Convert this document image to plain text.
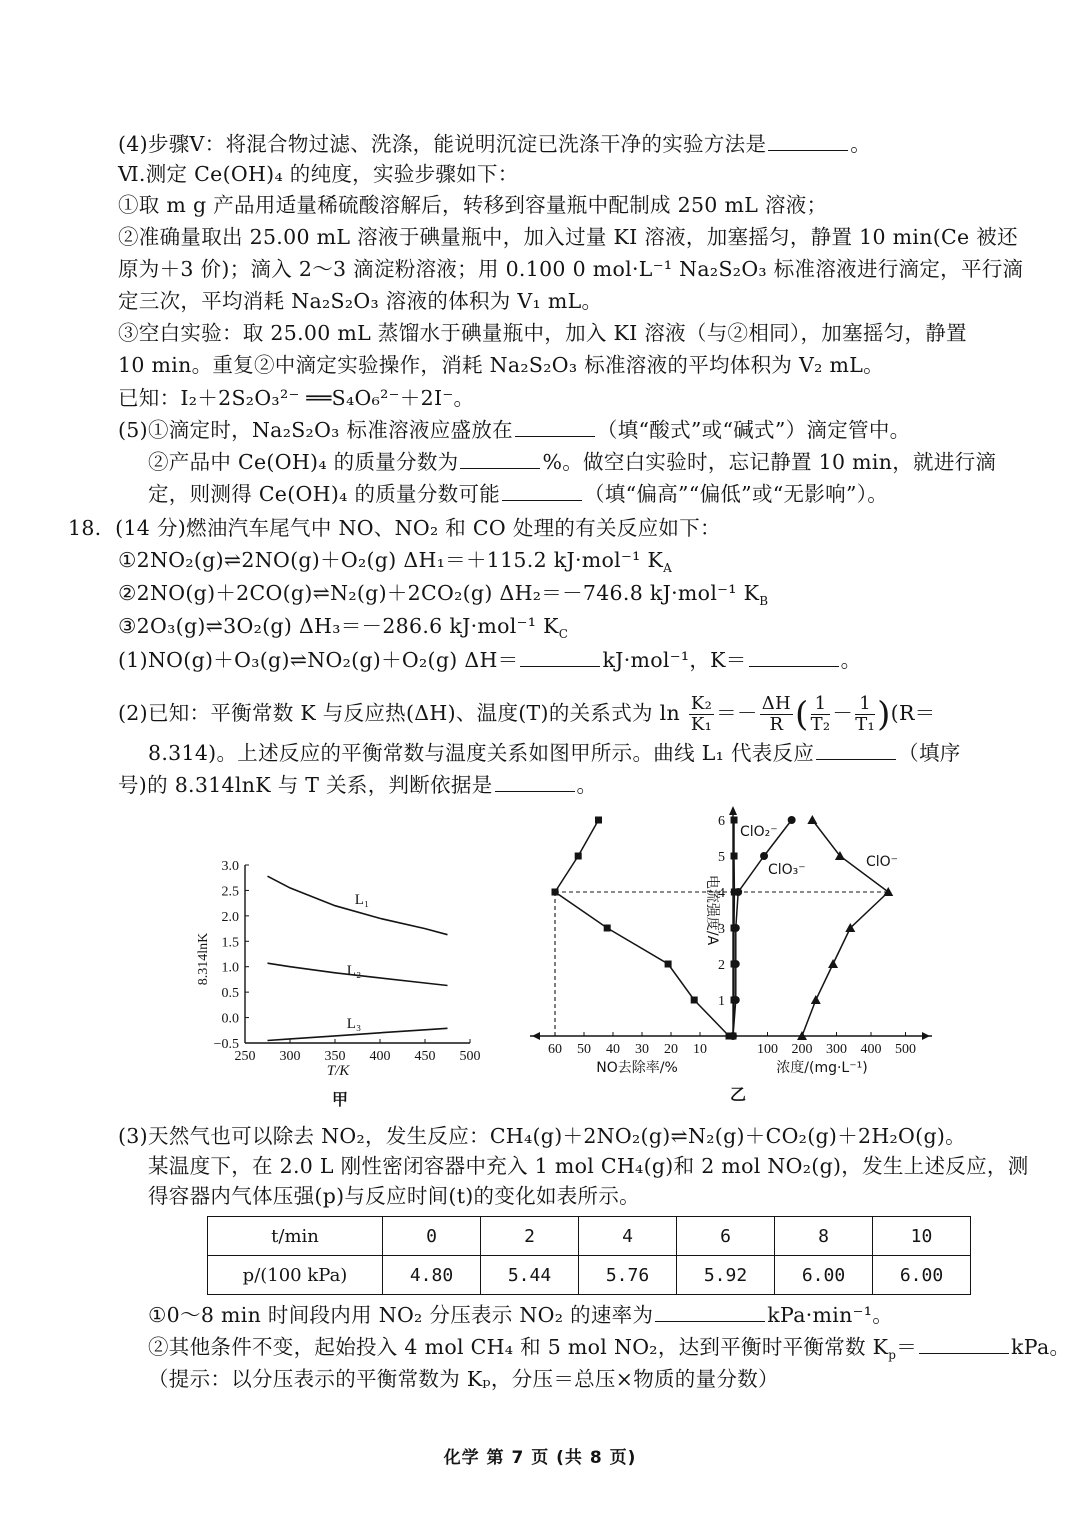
(4)步骤Ⅴ：将混合物过滤、洗涤，能说明沉淀已洗涤干净的实验方法是	。
Ⅵ.测定 Ce(OH)₄ 的纯度，实验步骤如下：
①取 m g 产品用适量稀硫酸溶解后，转移到容量瓶中配制成 250 mL 溶液；
②准确量取出 25.00 mL 溶液于碘量瓶中，加入过量 KI 溶液，加塞摇匀，静置 10 min(Ce 被还
原为＋3 价)；滴入 2～3 滴淀粉溶液；用 0.100 0 mol·L⁻¹ Na₂S₂O₃ 标准溶液进行滴定，平行滴
定三次，平均消耗 Na₂S₂O₃ 溶液的体积为 V₁ mL。
③空白实验：取 25.00 mL 蒸馏水于碘量瓶中，加入 KI 溶液（与②相同），加塞摇匀，静置
10 min。重复②中滴定实验操作，消耗 Na₂S₂O₃ 标准溶液的平均体积为 V₂ mL。
已知：I₂＋2S₂O₃²⁻ ══S₄O₆²⁻＋2I⁻。
(5)①滴定时，Na₂S₂O₃ 标准溶液应盛放在	（填“酸式”或“碱式”）滴定管中。
②产品中 Ce(OH)₄ 的质量分数为	%。做空白实验时，忘记静置 10 min，就进行滴
定，则测得 Ce(OH)₄ 的质量分数可能	（填“偏高”“偏低”或“无影响”）。
18. (14 分)燃油汽车尾气中 NO、NO₂ 和 CO 处理的有关反应如下：
①2NO₂(g)⇌2NO(g)＋O₂(g) ΔH₁＝＋115.2 kJ·mol⁻¹ $K_A$
②2NO(g)＋2CO(g)⇌N₂(g)＋2CO₂(g) ΔH₂＝－746.8 kJ·mol⁻¹ $K_B$
③2O₃(g)⇌3O₂(g) ΔH₃＝－286.6 kJ·mol⁻¹ $K_C$
(1)NO(g)＋O₃(g)⇌NO₂(g)＋O₂(g) ΔH＝	kJ·mol⁻¹，K＝	。
(2)已知：平衡常数 K 与反应热(ΔH)、温度(T)的关系式为 $\ln \frac{\text{K₂}}{\text{K₁}} =- \frac{\Delta H}{R}$ ( $\frac{1}{\text{T₂}} - \frac{1}{\text{T₁}} )(R=$
8.314)。上述反应的平衡常数与温度关系如图甲所示。曲线 L₁ 代表反应	（填序
号)的 8.314lnK 与 T 关系，判断依据是	。
250 300 350 400 450 500
−0.5
0.0
0.5
1.0
1.5
2.0
2.5
3.0
T/K
8.314lnK
甲
L₁
L₂
L₃
60 50 40 30 20 10	100 200 300 400 500
1
2
3
4
5
6
NO去除率/%	浓度/(mg·L⁻¹)
电流强度/A
乙
ClO₂⁻
ClO₃⁻	ClO⁻
(3)天然气也可以除去 NO₂，发生反应：CH₄(g)＋2NO₂(g)⇌N₂(g)＋CO₂(g)＋2H₂O(g)。
某温度下，在 2.0 L 刚性密闭容器中充入 1 mol CH₄(g)和 2 mol NO₂(g)，发生上述反应，测
得容器内气体压强(p)与反应时间(t)的变化如表所示。
t/min	0	2	4	6	8	10
p/(100 kPa)	4.80	5.44	5.76	5.92	6.00	6.00
①0～8 min 时间段内用 NO₂ 分压表示 NO₂ 的速率为	kPa·min⁻¹。
②其他条件不变，起始投入 4 mol CH₄ 和 5 mol NO₂，达到平衡时平衡常数 $K_p=$	kPa。
（提示：以分压表示的平衡常数为 Kₚ，分压＝总压×物质的量分数）
化学 第 7 页 (共 8 页)
